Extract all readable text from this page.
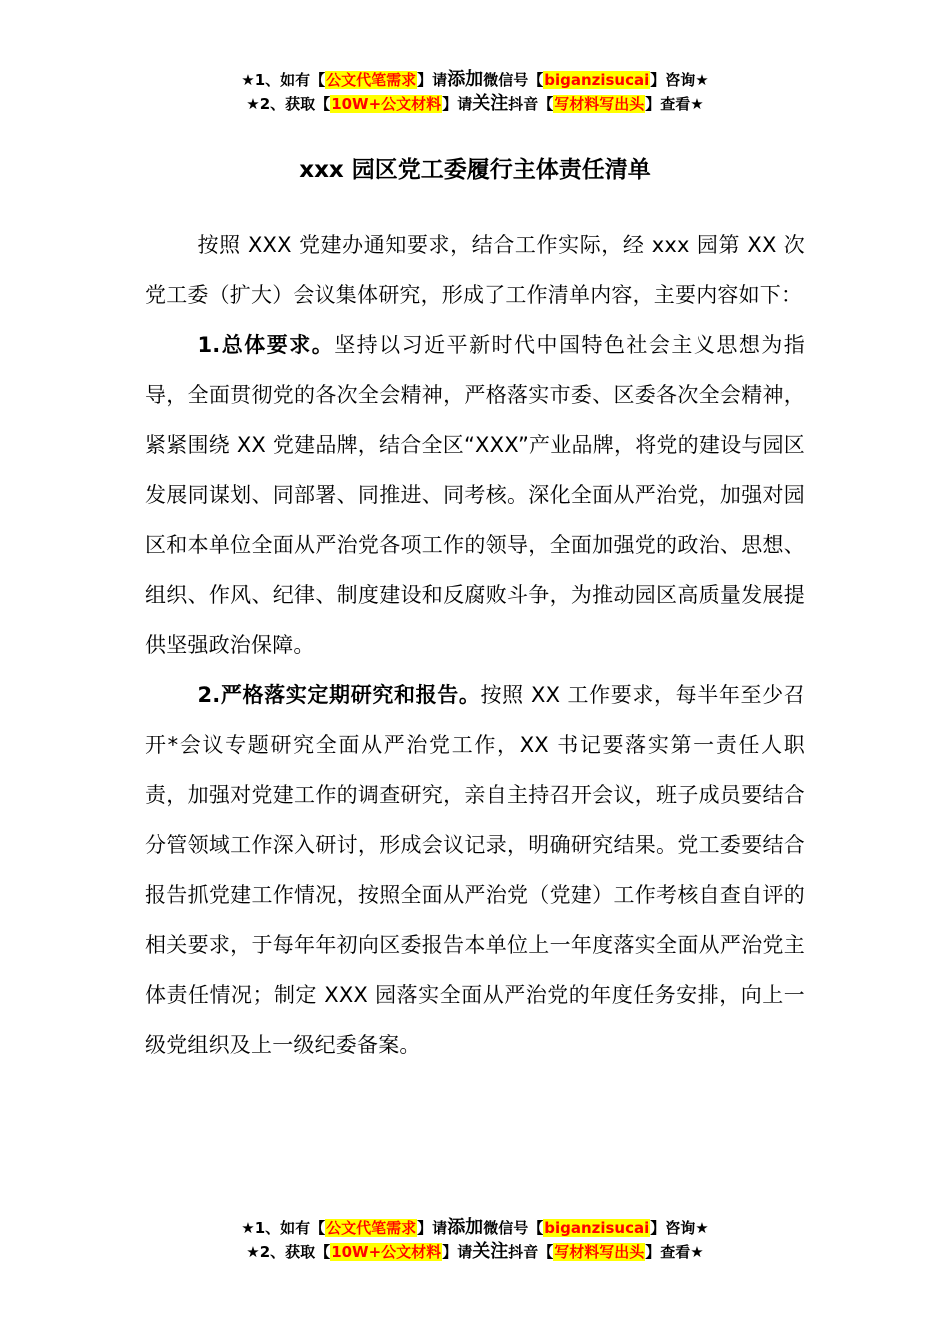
★1、如有【公文代笔需求】请添加微信号【biganzisucai】咨询★
★2、获取【10W+公文材料】请关注抖音【写材料写出头】查看★
xxx 园区党工委履行主体责任清单

按照 XXX 党建办通知要求，结合工作实际，经 xxx 园第 XX 次党工委（扩大）会议集体研究，形成了工作清单内容，主要内容如下：

1.总体要求。坚持以习近平新时代中国特色社会主义思想为指导，全面贯彻党的各次全会精神，严格落实市委、区委各次全会精神，紧紧围绕 XX 党建品牌，结合全区“XXX”产业品牌，将党的建设与园区发展同谋划、同部署、同推进、同考核。深化全面从严治党，加强对园区和本单位全面从严治党各项工作的领导，全面加强党的政治、思想、组织、作风、纪律、制度建设和反腐败斗争，为推动园区高质量发展提供坚强政治保障。

2.严格落实定期研究和报告。按照 XX 工作要求，每半年至少召开*会议专题研究全面从严治党工作，XX 书记要落实第一责任人职责，加强对党建工作的调查研究，亲自主持召开会议，班子成员要结合分管领域工作深入研讨，形成会议记录，明确研究结果。党工委要结合报告抓党建工作情况，按照全面从严治党（党建）工作考核自查自评的相关要求，于每年年初向区委报告本单位上一年度落实全面从严治党主体责任情况；制定 XXX 园落实全面从严治党的年度任务安排，向上一级党组织及上一级纪委备案。

★1、如有【公文代笔需求】请添加微信号【biganzisucai】咨询★
★2、获取【10W+公文材料】请关注抖音【写材料写出头】查看★
